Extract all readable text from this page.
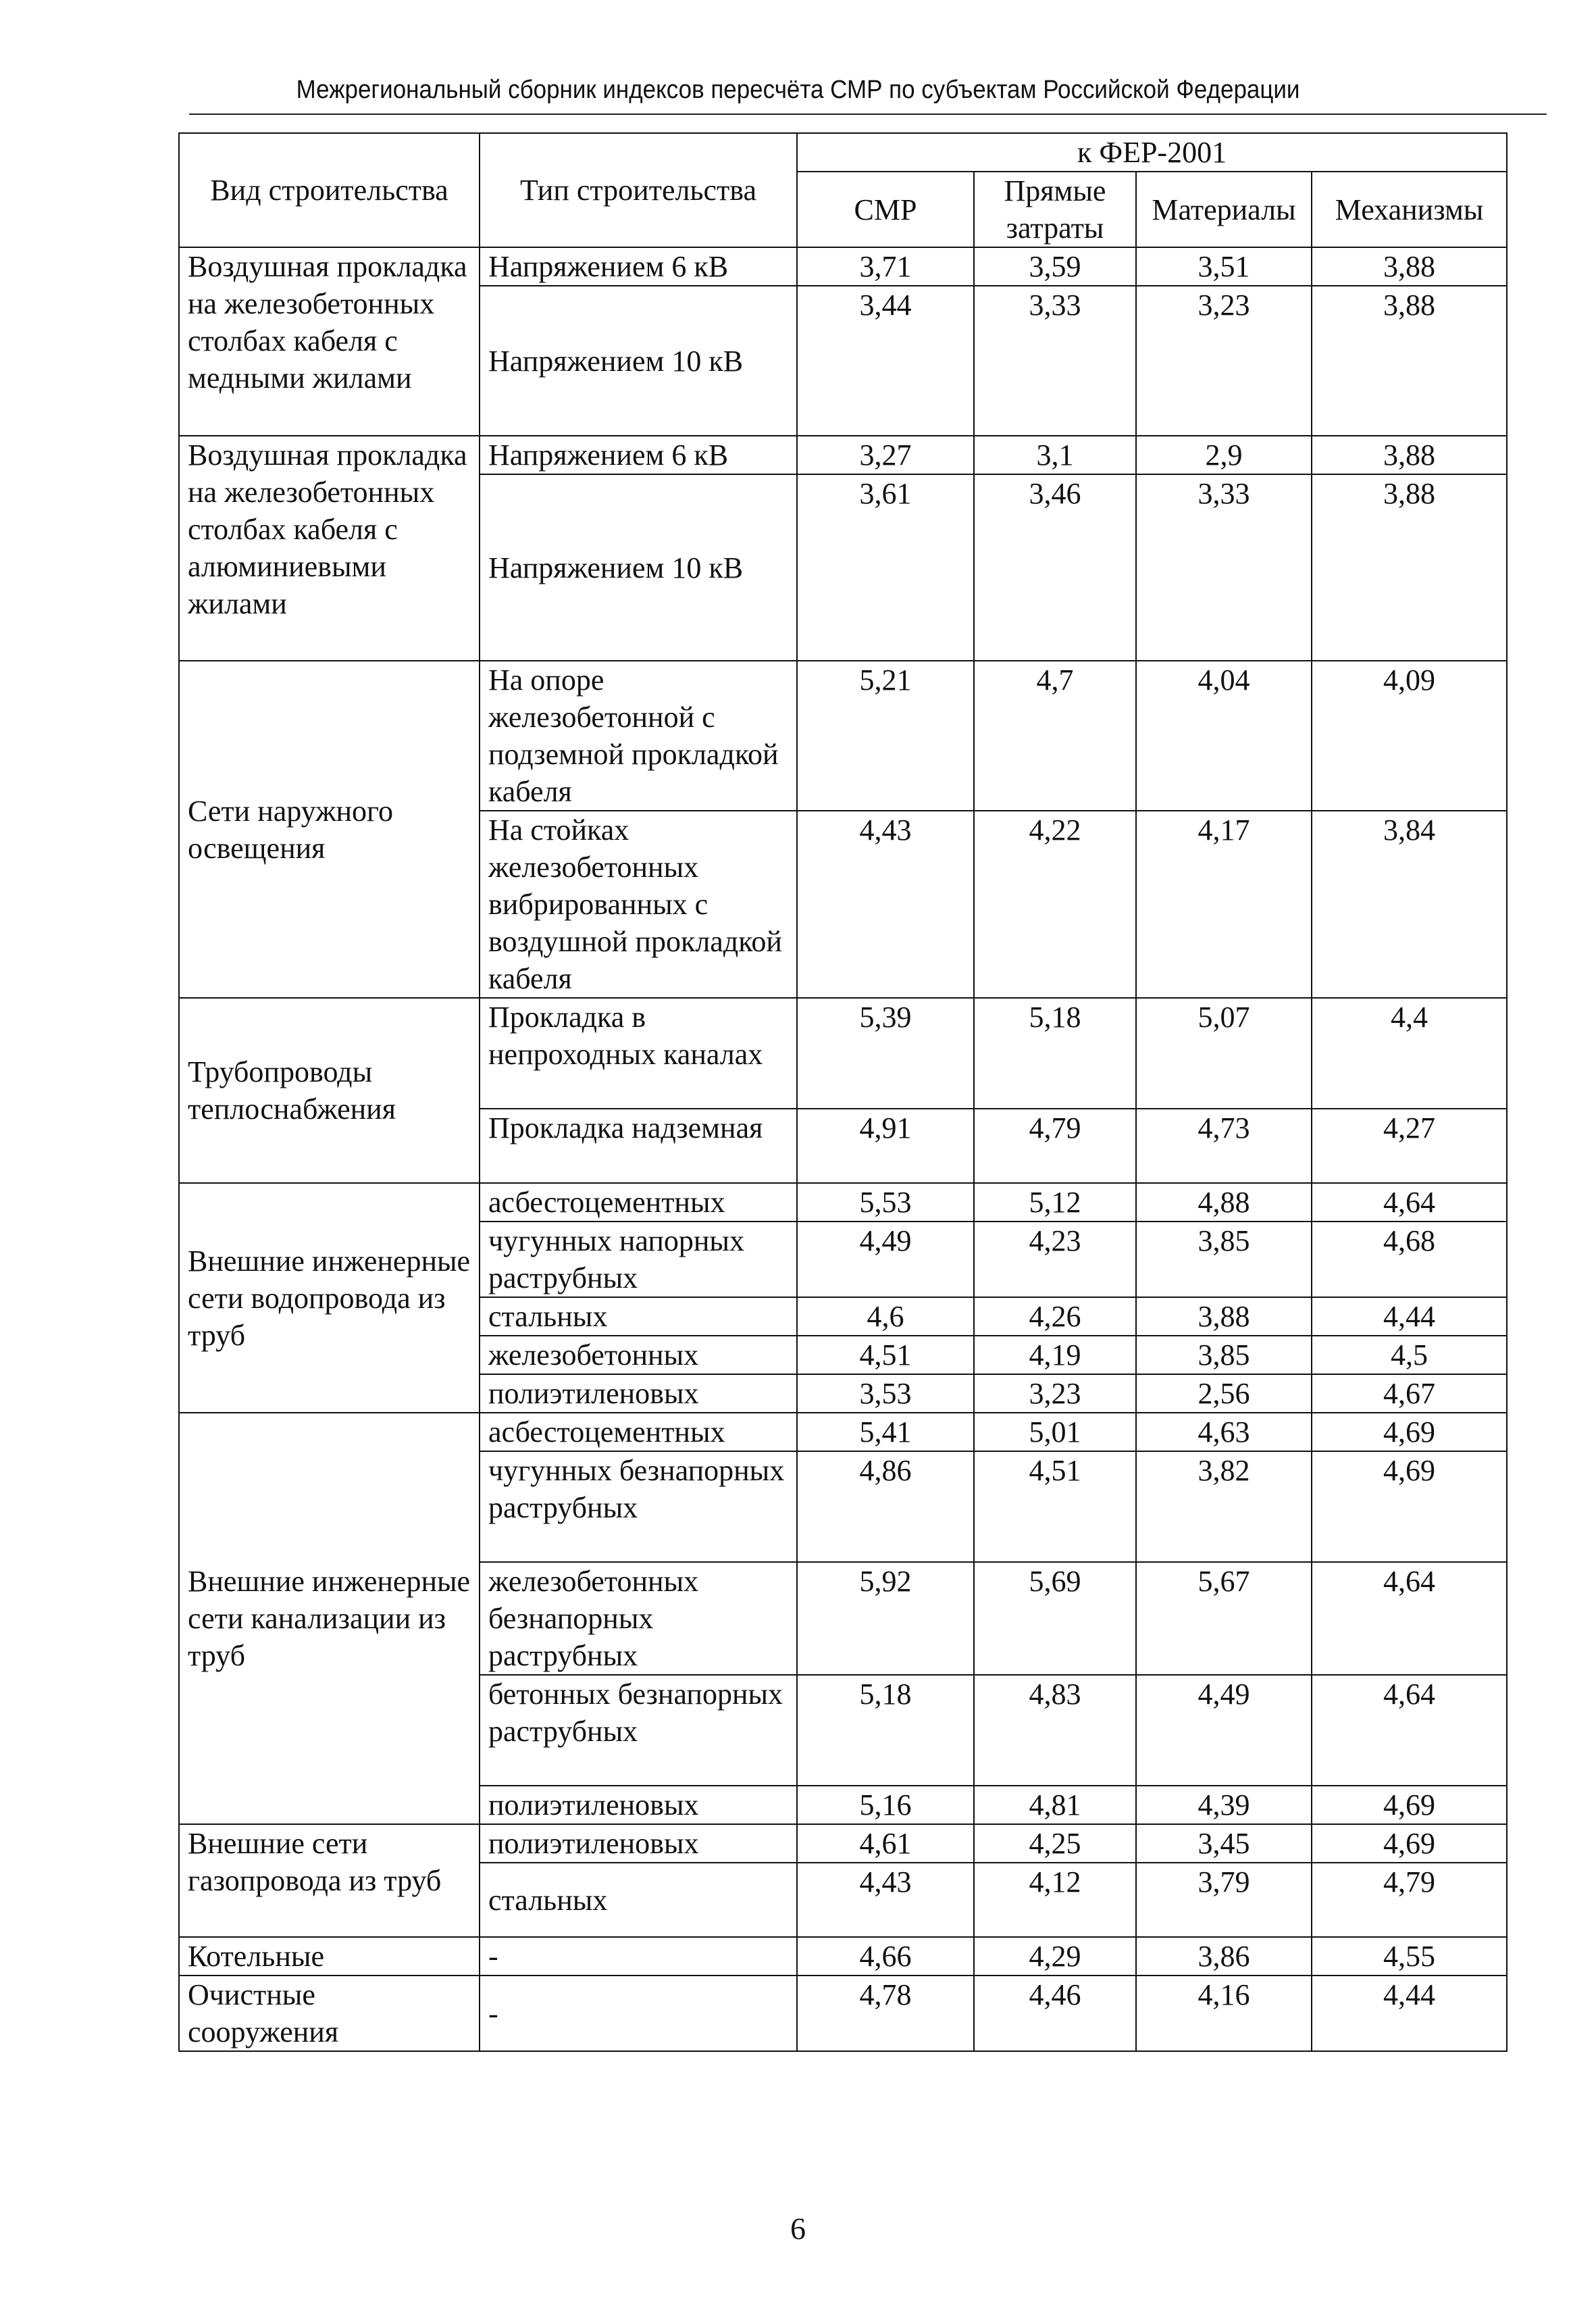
Межрегиональный сборник индексов пересчёта СМР по субъектам Российской Федерации
Вид строительства	Тип строительства	к ФЕР-2001			
		СМР	Прямые затраты	Материалы	Механизмы
Воздушная прокладка на железобетонных столбах кабеля с медными жилами	Напряжением 6 кВ	3,71	3,59	3,51	3,88
	Напряжением 10 кВ	3,44	3,33	3,23	3,88
Воздушная прокладка на железобетонных столбах кабеля с алюминиевыми жилами	Напряжением 6 кВ	3,27	3,1	2,9	3,88
	Напряжением 10 кВ	3,61	3,46	3,33	3,88
Сети наружного освещения	На опоре железобетонной с подземной прокладкой кабеля	5,21	4,7	4,04	4,09
	На стойках железобетонных вибрированных с воздушной прокладкой кабеля	4,43	4,22	4,17	3,84
Трубопроводы теплоснабжения	Прокладка в непроходных каналах	5,39	5,18	5,07	4,4
	Прокладка надземная	4,91	4,79	4,73	4,27
Внешние инженерные сети водопровода из труб	асбестоцементных	5,53	5,12	4,88	4,64
	чугунных напорных раструбных	4,49	4,23	3,85	4,68
	стальных	4,6	4,26	3,88	4,44
	железобетонных	4,51	4,19	3,85	4,5
	полиэтиленовых	3,53	3,23	2,56	4,67
Внешние инженерные сети канализации из труб	асбестоцементных	5,41	5,01	4,63	4,69
	чугунных безнапорных раструбных	4,86	4,51	3,82	4,69
	железобетонных безнапорных раструбных	5,92	5,69	5,67	4,64
	бетонных безнапорных раструбных	5,18	4,83	4,49	4,64
	полиэтиленовых	5,16	4,81	4,39	4,69
Внешние сети газопровода из труб	полиэтиленовых	4,61	4,25	3,45	4,69
	стальных	4,43	4,12	3,79	4,79
Котельные	-	4,66	4,29	3,86	4,55
Очистные сооружения	-	4,78	4,46	4,16	4,44
6
